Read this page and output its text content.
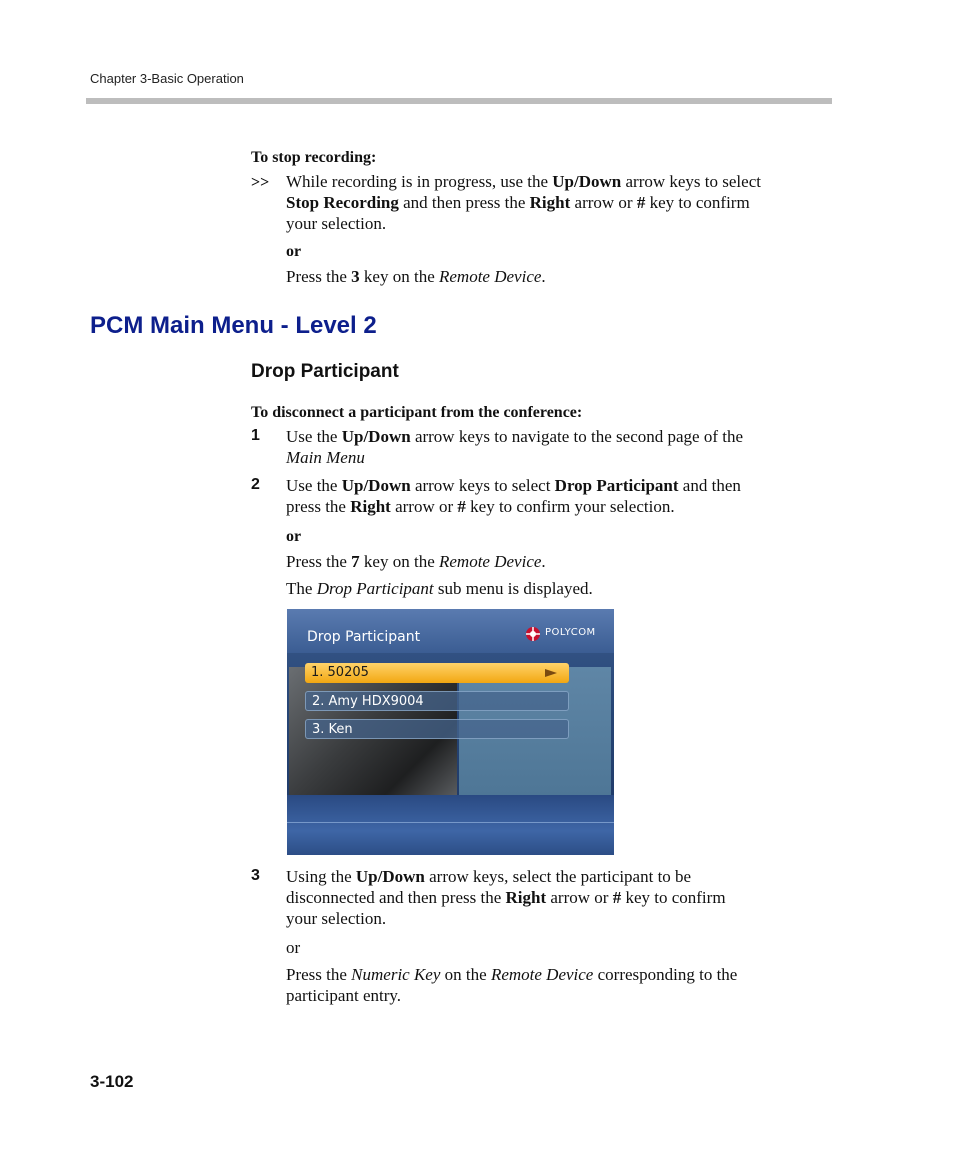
Chapter 3-Basic Operation
To stop recording:
>> While recording is in progress, use the Up/Down arrow keys to select
Stop Recording and then press the Right arrow or # key to confirm
your selection.
or
Press the 3 key on the Remote Device.
PCM Main Menu - Level 2
Drop Participant
To disconnect a participant from the conference:
1 Use the Up/Down arrow keys to navigate to the second page of the
Main Menu
2 Use the Up/Down arrow keys to select Drop Participant and then
press the Right arrow or # key to confirm your selection.
or
Press the 7 key on the Remote Device.
The Drop Participant sub menu is displayed.
Drop Participant	POLYCOM
1. 50205
2. Amy HDX9004
3. Ken
3 Using the Up/Down arrow keys, select the participant to be
disconnected and then press the Right arrow or # key to confirm
your selection.
or
Press the Numeric Key on the Remote Device corresponding to the
participant entry.
3-102
